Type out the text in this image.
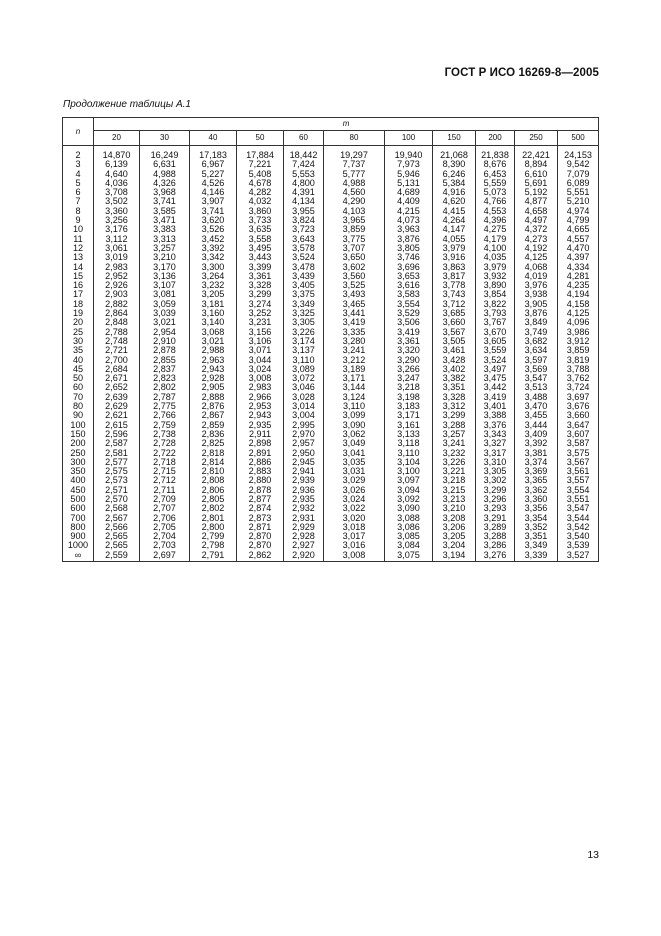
ГОСТ Р ИСО 16269-8—2005
Продолжение таблицы А.1
n	m										
	20	30	40	50	60	80	100	150	200	250	500
2	14,870	16,249	17,183	17,884	18,442	19,297	19,940	21,068	21,838	22,421	24,153
3	6,139	6,631	6,967	7,221	7,424	7,737	7,973	8,390	8,676	8,894	9,542
4	4,640	4,988	5,227	5,408	5,553	5,777	5,946	6,246	6,453	6,610	7,079
5	4,036	4,326	4,526	4,678	4,800	4,988	5,131	5,384	5,559	5,691	6,089
6	3,708	3,968	4,146	4,282	4,391	4,560	4,689	4,916	5,073	5,192	5,551
7	3,502	3,741	3,907	4,032	4,134	4,290	4,409	4,620	4,766	4,877	5,210
8	3,360	3,585	3,741	3,860	3,955	4,103	4,215	4,415	4,553	4,658	4,974
9	3,256	3,471	3,620	3,733	3,824	3,965	4,073	4,264	4,396	4,497	4,799
10	3,176	3,383	3,526	3,635	3,723	3,859	3,963	4,147	4,275	4,372	4,665
11	3,112	3,313	3,452	3,558	3,643	3,775	3,876	4,055	4,179	4,273	4,557
12	3,061	3,257	3,392	3,495	3,578	3,707	3,805	3,979	4,100	4,192	4,470
13	3,019	3,210	3,342	3,443	3,524	3,650	3,746	3,916	4,035	4,125	4,397
14	2,983	3,170	3,300	3,399	3,478	3,602	3,696	3,863	3,979	4,068	4,334
15	2,952	3,136	3,264	3,361	3,439	3,560	3,653	3,817	3,932	4,019	4,281
16	2,926	3,107	3,232	3,328	3,405	3,525	3,616	3,778	3,890	3,976	4,235
17	2,903	3,081	3,205	3,299	3,375	3,493	3,583	3,743	3,854	3,938	4,194
18	2,882	3,059	3,181	3,274	3,349	3,465	3,554	3,712	3,822	3,905	4,158
19	2,864	3,039	3,160	3,252	3,325	3,441	3,529	3,685	3,793	3,876	4,125
20	2,848	3,021	3,140	3,231	3,305	3,419	3,506	3,660	3,767	3,849	4,096
25	2,788	2,954	3,068	3,156	3,226	3,335	3,419	3,567	3,670	3,749	3,986
30	2,748	2,910	3,021	3,106	3,174	3,280	3,361	3,505	3,605	3,682	3,912
35	2,721	2,878	2,988	3,071	3,137	3,241	3,320	3,461	3,559	3,634	3,859
40	2,700	2,855	2,963	3,044	3,110	3,212	3,290	3,428	3,524	3,597	3,819
45	2,684	2,837	2,943	3,024	3,089	3,189	3,266	3,402	3,497	3,569	3,788
50	2,671	2,823	2,928	3,008	3,072	3,171	3,247	3,382	3,475	3,547	3,762
60	2,652	2,802	2,905	2,983	3,046	3,144	3,218	3,351	3,442	3,513	3,724
70	2,639	2,787	2,888	2,966	3,028	3,124	3,198	3,328	3,419	3,488	3,697
80	2,629	2,775	2,876	2,953	3,014	3,110	3,183	3,312	3,401	3,470	3,676
90	2,621	2,766	2,867	2,943	3,004	3,099	3,171	3,299	3,388	3,455	3,660
100	2,615	2,759	2,859	2,935	2,995	3,090	3,161	3,288	3,376	3,444	3,647
150	2,596	2,738	2,836	2,911	2,970	3,062	3,133	3,257	3,343	3,409	3,607
200	2,587	2,728	2,825	2,898	2,957	3,049	3,118	3,241	3,327	3,392	3,587
250	2,581	2,722	2,818	2,891	2,950	3,041	3,110	3,232	3,317	3,381	3,575
300	2,577	2,718	2,814	2,886	2,945	3,035	3,104	3,226	3,310	3,374	3,567
350	2,575	2,715	2,810	2,883	2,941	3,031	3,100	3,221	3,305	3,369	3,561
400	2,573	2,712	2,808	2,880	2,939	3,029	3,097	3,218	3,302	3,365	3,557
450	2,571	2,711	2,806	2,878	2,936	3,026	3,094	3,215	3,299	3,362	3,554
500	2,570	2,709	2,805	2,877	2,935	3,024	3,092	3,213	3,296	3,360	3,551
600	2,568	2,707	2,802	2,874	2,932	3,022	3,090	3,210	3,293	3,356	3,547
700	2,567	2,706	2,801	2,873	2,931	3,020	3,088	3,208	3,291	3,354	3,544
800	2,566	2,705	2,800	2,871	2,929	3,018	3,086	3,206	3,289	3,352	3,542
900	2,565	2,704	2,799	2,870	2,928	3,017	3,085	3,205	3,288	3,351	3,540
1000	2,565	2,703	2,798	2,870	2,927	3,016	3,084	3,204	3,286	3,349	3,539
∞	2,559	2,697	2,791	2,862	2,920	3,008	3,075	3,194	3,276	3,339	3,527
13
